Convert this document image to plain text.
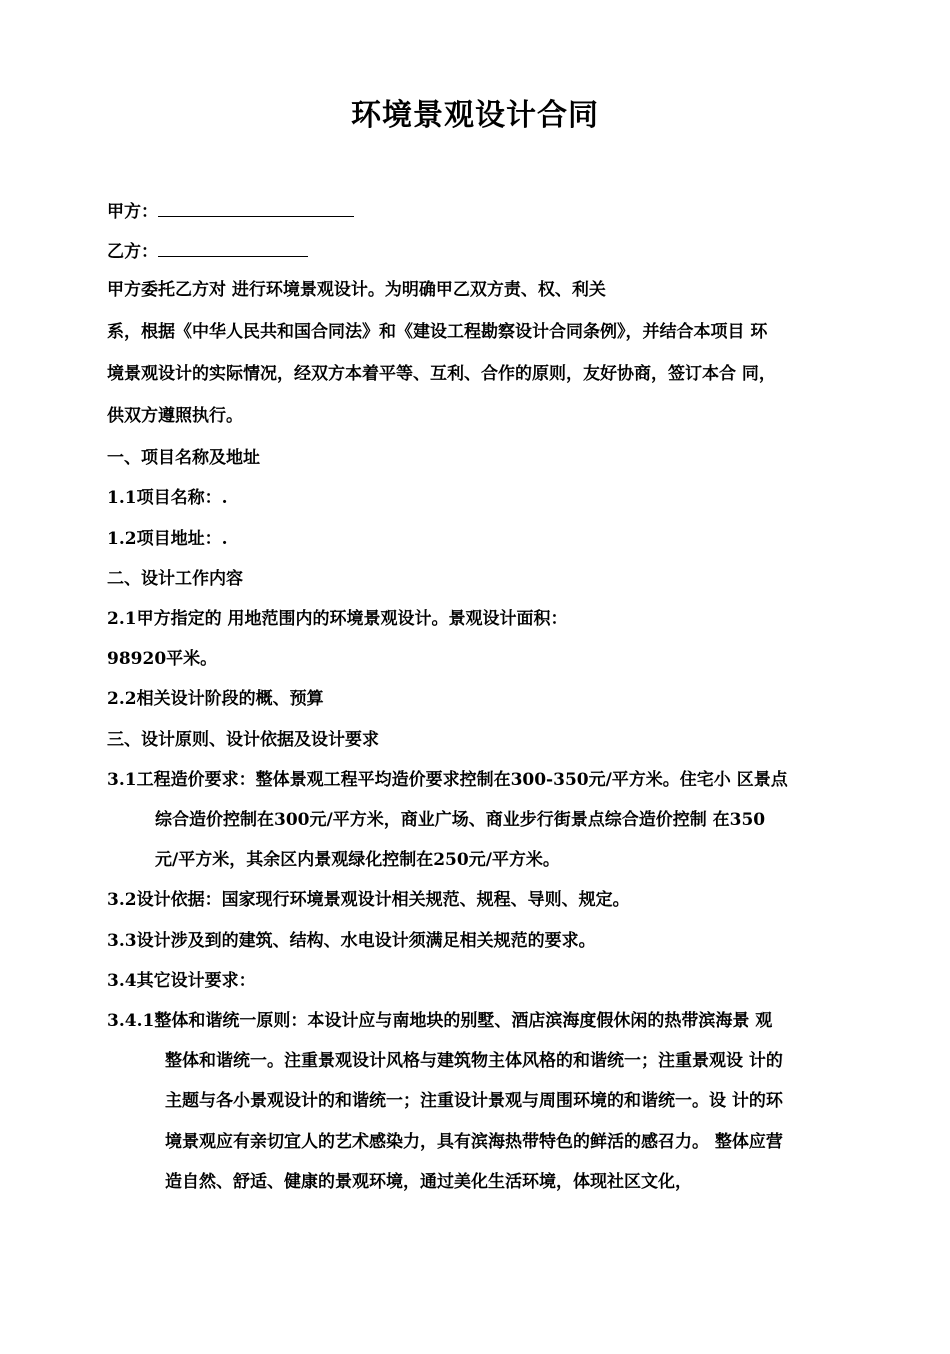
环境景观设计合同
甲方：
乙方：
甲方委托乙方对 进行环境景观设计。为明确甲乙双方责、权、利关
系，根据《中华人民共和国合同法》和《建设工程勘察设计合同条例》，并结合本项目 环
境景观设计的实际情况，经双方本着平等、互利、合作的原则，友好协商，签订本合 同，
供双方遵照执行。
一、项目名称及地址
1.1项目名称：.
1.2项目地址：.
二、设计工作内容
2.1甲方指定的 用地范围内的环境景观设计。景观设计面积：
98920平米。
2.2相关设计阶段的概、预算
三、设计原则、设计依据及设计要求
3.1工程造价要求：整体景观工程平均造价要求控制在300-350元/平方米。住宅小 区景点
综合造价控制在300元/平方米，商业广场、商业步行街景点综合造价控制 在350
元/平方米，其余区内景观绿化控制在250元/平方米。
3.2设计依据：国家现行环境景观设计相关规范、规程、导则、规定。
3.3设计涉及到的建筑、结构、水电设计须满足相关规范的要求。
3.4其它设计要求：
3.4.1整体和谐统一原则：本设计应与南地块的别墅、酒店滨海度假休闲的热带滨海景 观
整体和谐统一。注重景观设计风格与建筑物主体风格的和谐统一；注重景观设 计的
主题与各小景观设计的和谐统一；注重设计景观与周围环境的和谐统一。设 计的环
境景观应有亲切宜人的艺术感染力，具有滨海热带特色的鲜活的感召力。 整体应营
造自然、舒适、健康的景观环境，通过美化生活环境，体现社区文化，
